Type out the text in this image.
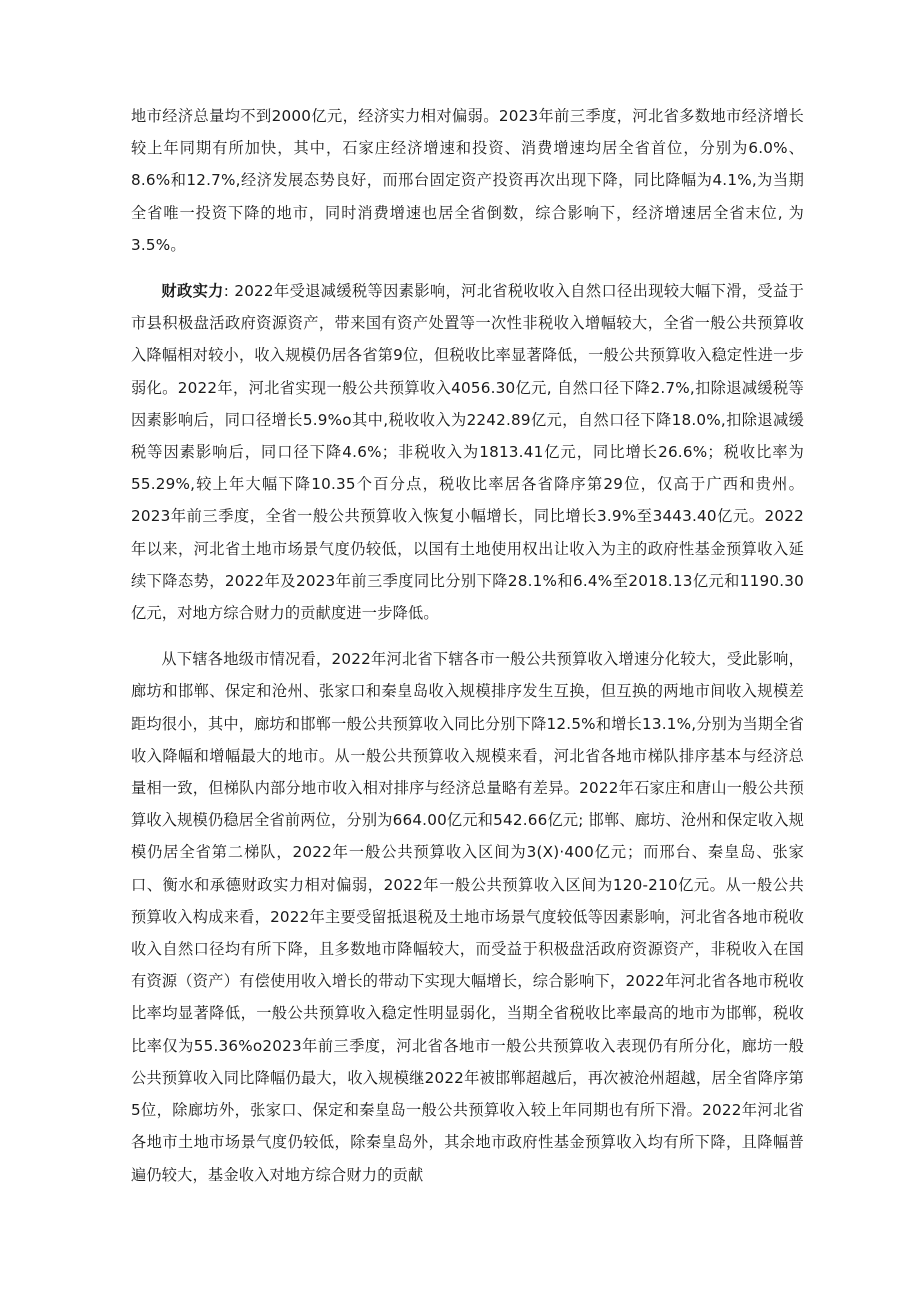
地市经济总量均不到2000亿元，经济实力相对偏弱。2023年前三季度，河北省多数地市经济增长较上年同期有所加快，其中，石家庄经济增速和投资、消费增速均居全省首位，分别为6.0%、8.6%和12.7%,经济发展态势良好，而邢台固定资产投资再次出现下降，同比降幅为4.1%,为当期全省唯一投资下降的地市，同时消费增速也居全省倒数，综合影响下，经济增速居全省末位, 为3.5%。

财政实力: 2022年受退减缓税等因素影响，河北省税收收入自然口径出现较大幅下滑，受益于市县积极盘活政府资源资产，带来国有资产处置等一次性非税收入增幅较大，全省一般公共预算收入降幅相对较小，收入规模仍居各省第9位，但税收比率显著降低，一般公共预算收入稳定性进一步弱化。2022年，河北省实现一般公共预算收入4056.30亿元, 自然口径下降2.7%,扣除退减缓税等因素影响后，同口径增长5.9%o其中,税收收入为2242.89亿元，自然口径下降18.0%,扣除退减缓税等因素影响后，同口径下降4.6%；非税收入为1813.41亿元，同比增长26.6%；税收比率为55.29%,较上年大幅下降10.35个百分点，税收比率居各省降序第29位，仅高于广西和贵州。2023年前三季度，全省一般公共预算收入恢复小幅增长，同比增长3.9%至3443.40亿元。2022年以来，河北省土地市场景气度仍较低，以国有土地使用权出让收入为主的政府性基金预算收入延续下降态势，2022年及2023年前三季度同比分别下降28.1%和6.4%至2018.13亿元和1190.30亿元，对地方综合财力的贡献度进一步降低。

从下辖各地级市情况看，2022年河北省下辖各市一般公共预算收入增速分化较大，受此影响，廊坊和邯郸、保定和沧州、张家口和秦皇岛收入规模排序发生互换，但互换的两地市间收入规模差距均很小，其中，廊坊和邯郸一般公共预算收入同比分别下降12.5%和增长13.1%,分别为当期全省收入降幅和增幅最大的地市。从一般公共预算收入规模来看，河北省各地市梯队排序基本与经济总量相一致，但梯队内部分地市收入相对排序与经济总量略有差异。2022年石家庄和唐山一般公共预算收入规模仍稳居全省前两位，分别为664.00亿元和542.66亿元; 邯郸、廊坊、沧州和保定收入规模仍居全省第二梯队，2022年一般公共预算收入区间为3(X)·400亿元；而邢台、秦皇岛、张家口、衡水和承德财政实力相对偏弱，2022年一般公共预算收入区间为120-210亿元。从一般公共预算收入构成来看，2022年主要受留抵退税及土地市场景气度较低等因素影响，河北省各地市税收收入自然口径均有所下降，且多数地市降幅较大，而受益于积极盘活政府资源资产，非税收入在国有资源（资产）有偿使用收入增长的带动下实现大幅增长，综合影响下，2022年河北省各地市税收比率均显著降低，一般公共预算收入稳定性明显弱化，当期全省税收比率最高的地市为邯郸，税收比率仅为55.36%o2023年前三季度，河北省各地市一般公共预算收入表现仍有所分化，廊坊一般公共预算收入同比降幅仍最大，收入规模继2022年被邯郸超越后，再次被沧州超越，居全省降序第5位，除廊坊外，张家口、保定和秦皇岛一般公共预算收入较上年同期也有所下滑。2022年河北省各地市土地市场景气度仍较低，除秦皇岛外，其余地市政府性基金预算收入均有所下降，且降幅普遍仍较大，基金收入对地方综合财力的贡献
